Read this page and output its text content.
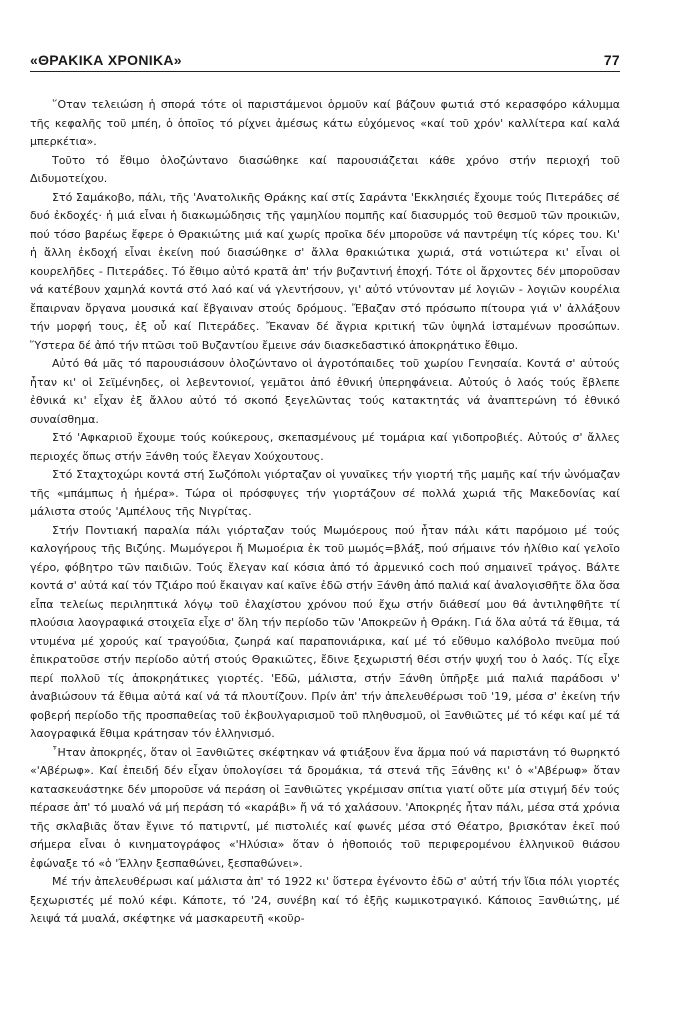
«ΘΡΑΚΙΚΑ ΧΡΟΝΙΚΑ»	77

῞Οταν τελειώση ἡ σπορά τότε οἱ παριστάμενοι ὁρμοῦν καί βάζουν φωτιά στό κερασφόρο κάλυμμα τῆς κεφαλῆς τοῦ μπέη, ὁ ὁποῖος τό ρίχνει ἀμέσως κάτω εὐχόμενος «καί τοῦ χρόν' καλλίτερα καί καλά μπερκέτια».

Τοῦτο τό ἔθιμο ὁλοζώντανο διασώθηκε καί παρουσιάζεται κάθε χρόνο στήν περιοχή τοῦ Διδυμοτείχου.

Στό Σαμάκοβο, πάλι, τῆς 'Ανατολικῆς Θράκης καί στίς Σαράντα 'Εκκλησιές ἔχουμε τούς Πιτεράδες σέ δυό ἐκδοχές· ἡ μιά εἶναι ἡ διακωμώδησις τῆς γαμηλίου πομπῆς καί διασυρμός τοῦ θεσμοῦ τῶν προικιῶν, πού τόσο βαρέως ἔφερε ὁ Θρακιώτης μιά καί χωρίς προῖκα δέν μποροῦσε νά παντρέψη τίς κόρες του. Κι' ἡ ἄλλη ἐκδοχή εἶναι ἐκείνη πού διασώθηκε σ' ἄλλα θρακιώτικα χωριά, στά νοτιώτερα κι' εἶναι οἱ κουρελῆδες - Πιτεράδες. Τό ἔθιμο αὐτό κρατᾶ ἀπ' τήν βυζαντινή ἐποχή. Τότε οἱ ἄρχοντες δέν μποροῦσαν νά κατέβουν χαμηλά κοντά στό λαό καί νά γλεντήσουν, γι' αὐτό ντύνονταν μέ λογιῶν - λογιῶν κουρέλια ἔπαιρναν ὄργανα μουσικά καί ἔβγαιναν στούς δρόμους. Ἔβαζαν στό πρόσωπο πίτουρα γιά ν' ἀλλάξουν τήν μορφή τους, ἐξ οὗ καί Πιτεράδες. Ἔκαναν δέ ἄγρια κριτική τῶν ὑψηλά ἱσταμένων προσώπων. Ὕστερα δέ ἀπό τήν πτῶσι τοῦ Βυζαντίου ἔμεινε σάν διασκεδαστικό ἀποκρηάτικο ἔθιμο.

Αὐτό θά μᾶς τό παρουσιάσουν ὁλοζώντανο οἱ ἀγροτόπαιδες τοῦ χωρίου Γενησαία. Κοντά σ' αὐτούς ἦταν κι' οἱ Σεϊμένηδες, οἱ λεβεντονιοί, γεμᾶτοι ἀπό ἐθνική ὑπερηφάνεια. Αὐτούς ὁ λαός τούς ἔβλεπε ἐθνικά κι' εἶχαν ἐξ ἄλλου αὐτό τό σκοπό ξεγελῶντας τούς κατακτητάς νά ἀναπτερώνη τό ἐθνικό συναίσθημα.

Στό 'Αφκαριοῦ ἔχουμε τούς κούκερους, σκεπασμένους μέ τομάρια καί γιδοπροβιές. Αὐτούς σ' ἄλλες περιοχές ὅπως στήν Ξάνθη τούς ἔλεγαν Χούχουτους.

Στό Σταχτοχώρι κοντά στή Σωζόπολι γιόρταζαν οἱ γυναῖκες τήν γιορτή τῆς μαμῆς καί τήν ὠνόμαζαν τῆς «μπάμπως ἡ ἡμέρα». Τώρα οἱ πρόσφυγες τήν γιορτάζουν σέ πολλά χωριά τῆς Μακεδονίας καί μάλιστα στούς 'Αμπέλους τῆς Νιγρίτας.

Στήν Ποντιακή παραλία πάλι γιόρταζαν τούς Μωμόερους πού ἦταν πάλι κάτι παρόμοιο μέ τούς καλογήρους τῆς Βιζύης. Μωμόγεροι ἤ Μωμοέρια ἐκ τοῦ μωμός=βλάξ, πού σήμαινε τόν ἠλίθιο καί γελοῖο γέρο, φόβητρο τῶν παιδιῶν. Τούς ἔλεγαν καί κόσια ἀπό τό ἀρμενικό coch πού σημαινεῖ τράγος. Βάλτε κοντά σ' αὐτά καί τόν Τζιάρο πού ἔκαιγαν καί καῖνε ἐδῶ στήν Ξάνθη ἀπό παλιά καί ἀναλογισθῆτε ὅλα ὅσα εἶπα τελείως περιληπτικά λόγῳ τοῦ ἐλαχίστου χρόνου πού ἔχω στήν διάθεσί μου θά ἀντιληφθῆτε τί πλούσια λαογραφικά στοιχεῖα εἶχε σ' ὅλη τήν περίοδο τῶν 'Αποκρεῶν ἡ Θράκη. Γιά ὅλα αὐτά τά ἔθιμα, τά ντυμένα μέ χορούς καί τραγούδια, ζωηρά καί παραπονιάρικα, καί μέ τό εὔθυμο καλόβολο πνεῦμα πού ἐπικρατοῦσε στήν περίοδο αὐτή στούς Θρακιῶτες, ἔδινε ξεχωριστή θέσι στήν ψυχή του ὁ λαός. Τίς εἶχε περί πολλοῦ τίς ἀποκρηάτικες γιορτές. 'Εδῶ, μάλιστα, στήν Ξάνθη ὑπῆρξε μιά παλιά παράδοσι ν' ἀναβιώσουν τά ἔθιμα αὐτά καί νά τά πλουτίζουν. Πρίν ἀπ' τήν ἀπελευθέρωσι τοῦ '19, μέσα σ' ἐκείνη τήν φοβερή περίοδο τῆς προσπαθείας τοῦ ἐκβουλγαρισμοῦ τοῦ πληθυσμοῦ, οἱ Ξανθιῶτες μέ τό κέφι καί μέ τά λαογραφικά ἔθιμα κράτησαν τόν ἑλληνισμό.

῏Ηταν ἀποκρηές, ὅταν οἱ Ξανθιῶτες σκέφτηκαν νά φτιάξουν ἕνα ἅρμα πού νά παριστάνη τό θωρηκτό «'Αβέρωφ». Καί ἐπειδή δέν εἶχαν ὑπολογίσει τά δρομάκια, τά στενά τῆς Ξάνθης κι' ὁ «'Αβέρωφ» ὅταν κατασκευάστηκε δέν μποροῦσε νά περάση οἱ Ξανθιῶτες γκρέμισαν σπίτια γιατί οὔτε μία στιγμή δέν τούς πέρασε ἀπ' τό μυαλό νά μή περάση τό «καράβι» ἤ νά τό χαλάσουν. 'Αποκρηές ἦταν πάλι, μέσα στά χρόνια τῆς σκλαβιᾶς ὅταν ἔγινε τό πατιρντί, μέ πιστολιές καί φωνές μέσα στό Θέατρο, βρισκόταν ἐκεῖ πού σήμερα εἶναι ὁ κινηματογράφος «'Ηλύσια» ὅταν ὁ ἠθοποιός τοῦ περιφερομένου ἑλληνικοῦ θιάσου ἐφώναξε τό «ὁ 'Έλλην ξεσπαθώνει, ξεσπαθώνει».

Μέ τήν ἀπελευθέρωσι καί μάλιστα ἀπ' τό 1922 κι' ὕστερα ἐγένοντο ἐδῶ σ' αὐτή τήν ἴδια πόλι γιορτές ξεχωριστές μέ πολύ κέφι. Κάποτε, τό '24, συνέβη καί τό ἐξῆς κωμικοτραγικό. Κάποιος Ξανθιώτης, μέ λειψά τά μυαλά, σκέφτηκε νά μασκαρευτῆ «κοῦρ-
